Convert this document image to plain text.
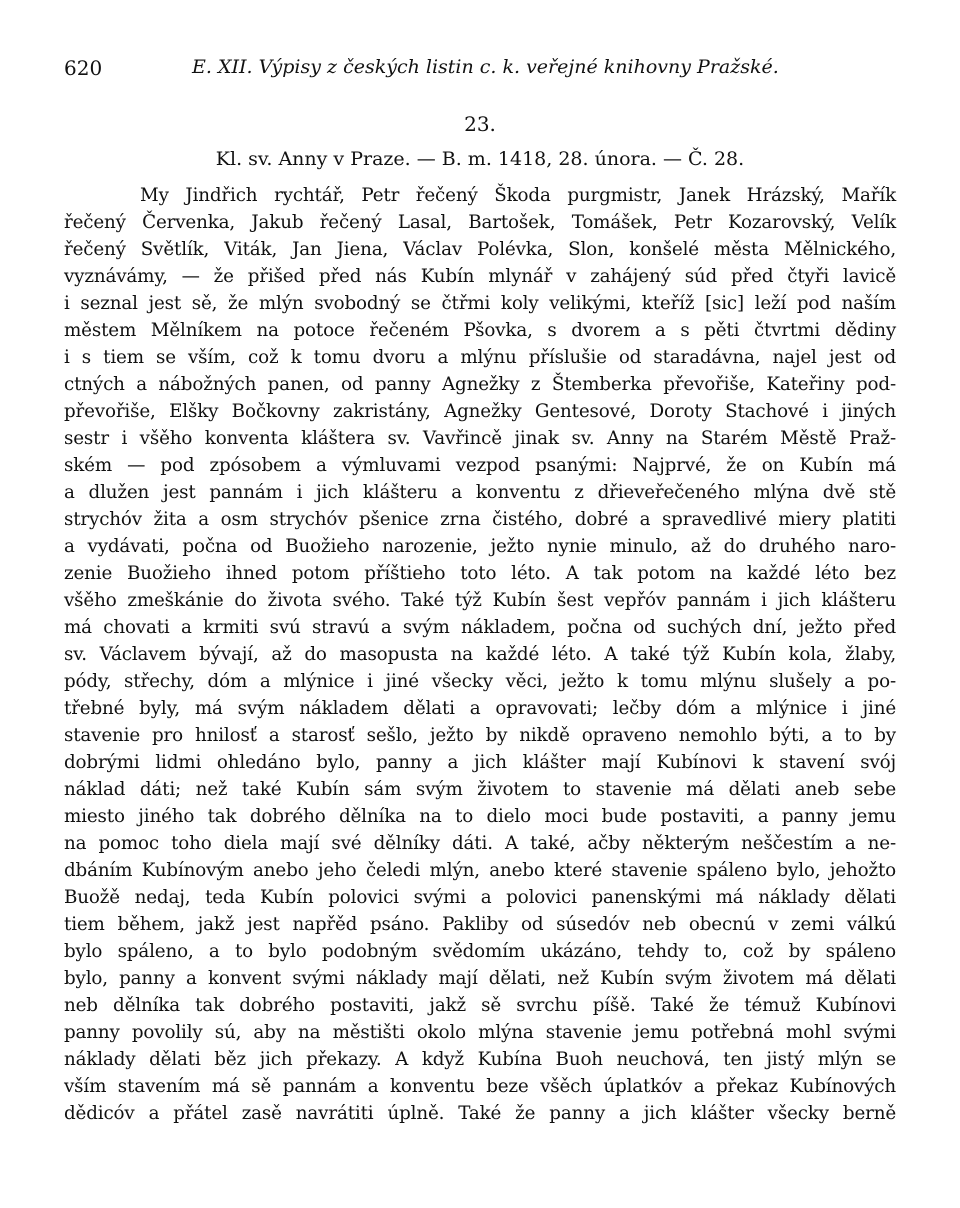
620	E. XII. Výpisy z českých listin c. k. veřejné knihovny Pražské.
23.
Kl. sv. Anny v Praze. — B. m. 1418, 28. února. — Č. 28.
My Jindřich rychtář, Petr řečený Škoda purgmistr, Janek Hrázský, Mařík
řečený Červenka, Jakub řečený Lasal, Bartošek, Tomášek, Petr Kozarovský, Velík
řečený Světlík, Viták, Jan Jiena, Václav Polévka, Slon, konšelé města Mělnického,
vyznávámy, — že přišed před nás Kubín mlynář v zahájený súd před čtyři lavicě
i seznal jest sě, že mlýn svobodný se čtřmi koly velikými, kteříž [sic] leží pod naším
městem Mělníkem na potoce řečeném Pšovka, s dvorem a s pěti čtvrtmi dědiny
i s tiem se vším, což k tomu dvoru a mlýnu příslušie od staradávna, najel jest od
ctných a nábožných panen, od panny Agnežky z Štemberka převořiše, Kateřiny pod-
převořiše, Elšky Bočkovny zakristány, Agnežky Gentesové, Doroty Stachové i jiných
sestr i všěho konventa kláštera sv. Vavřincě jinak sv. Anny na Starém Městě Praž-
ském — pod zpósobem a výmluvami vezpod psanými: Najprvé, že on Kubín má
a dlužen jest pannám i jich klášteru a konventu z dřieveřečeného mlýna dvě stě
strychóv žita a osm strychóv pšenice zrna čistého, dobré a spravedlivé miery platiti
a vydávati, počna od Buožieho narozenie, ježto nynie minulo, až do druhého naro-
zenie Buožieho ihned potom příštieho toto léto. A tak potom na každé léto bez
všěho zmeškánie do života svého. Také týž Kubín šest vepřóv pannám i jich klášteru
má chovati a krmiti svú stravú a svým nákladem, počna od suchých dní, ježto před
sv. Václavem bývají, až do masopusta na každé léto. A také týž Kubín kola, žlaby,
pódy, střechy, dóm a mlýnice i jiné všecky věci, ježto k tomu mlýnu slušely a po-
třebné byly, má svým nákladem dělati a opravovati; lečby dóm a mlýnice i jiné
stavenie pro hnilosť a starosť sešlo, ježto by nikdě opraveno nemohlo býti, a to by
dobrými lidmi ohledáno bylo, panny a jich klášter mají Kubínovi k stavení svój
náklad dáti; než také Kubín sám svým životem to stavenie má dělati aneb sebe
miesto jiného tak dobrého dělníka na to dielo moci bude postaviti, a panny jemu
na pomoc toho diela mají své dělníky dáti. A také, ačby některým neščestím a ne-
dbáním Kubínovým anebo jeho čeledi mlýn, anebo které stavenie spáleno bylo, jehožto
Buožě nedaj, teda Kubín polovici svými a polovici panenskými má náklady dělati
tiem během, jakž jest napřěd psáno. Pakliby od súsedóv neb obecnú v zemi válkú
bylo spáleno, a to bylo podobným svědomím ukázáno, tehdy to, což by spáleno
bylo, panny a konvent svými náklady mají dělati, než Kubín svým životem má dělati
neb dělníka tak dobrého postaviti, jakž sě svrchu píšě. Také že témuž Kubínovi
panny povolily sú, aby na městišti okolo mlýna stavenie jemu potřebná mohl svými
náklady dělati běz jich překazy. A když Kubína Buoh neuchová, ten jistý mlýn se
vším stavením má sě pannám a konventu beze všěch úplatkóv a překaz Kubínových
dědicóv a přátel zasě navrátiti úplně. Také že panny a jich klášter všecky berně
